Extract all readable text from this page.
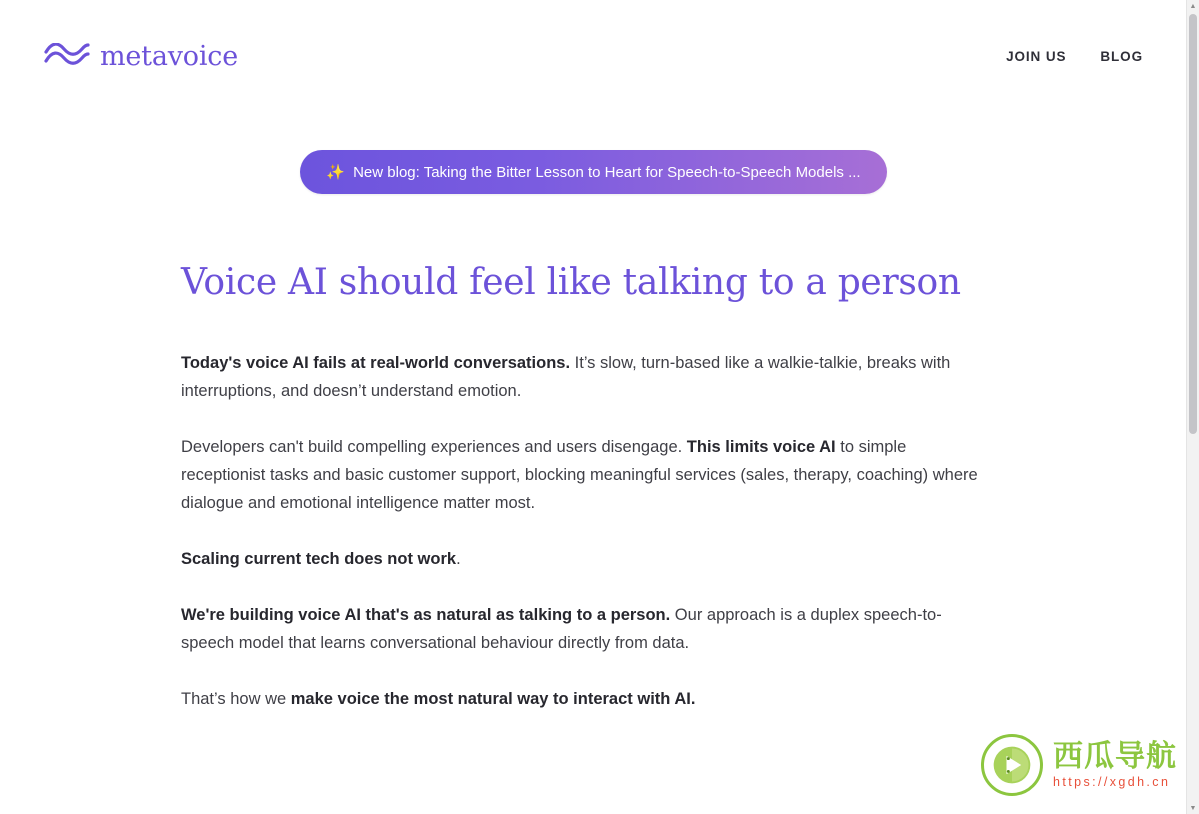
metavoice	JOIN US	BLOG
✨ New blog: Taking the Bitter Lesson to Heart for Speech-to-Speech Models ...
Voice AI should feel like talking to a person

Today's voice AI fails at real-world conversations. It’s slow, turn-based like a walkie-talkie, breaks with interruptions, and doesn’t understand emotion.

Developers can't build compelling experiences and users disengage. This limits voice AI to simple receptionist tasks and basic customer support, blocking meaningful services (sales, therapy, coaching) where dialogue and emotional intelligence matter most.

Scaling current tech does not work.

We're building voice AI that's as natural as talking to a person. Our approach is a duplex speech-to-speech model that learns conversational behaviour directly from data.

That’s how we make voice the most natural way to interact with AI.

▲
▼
西瓜导航
https://xgdh.cn
